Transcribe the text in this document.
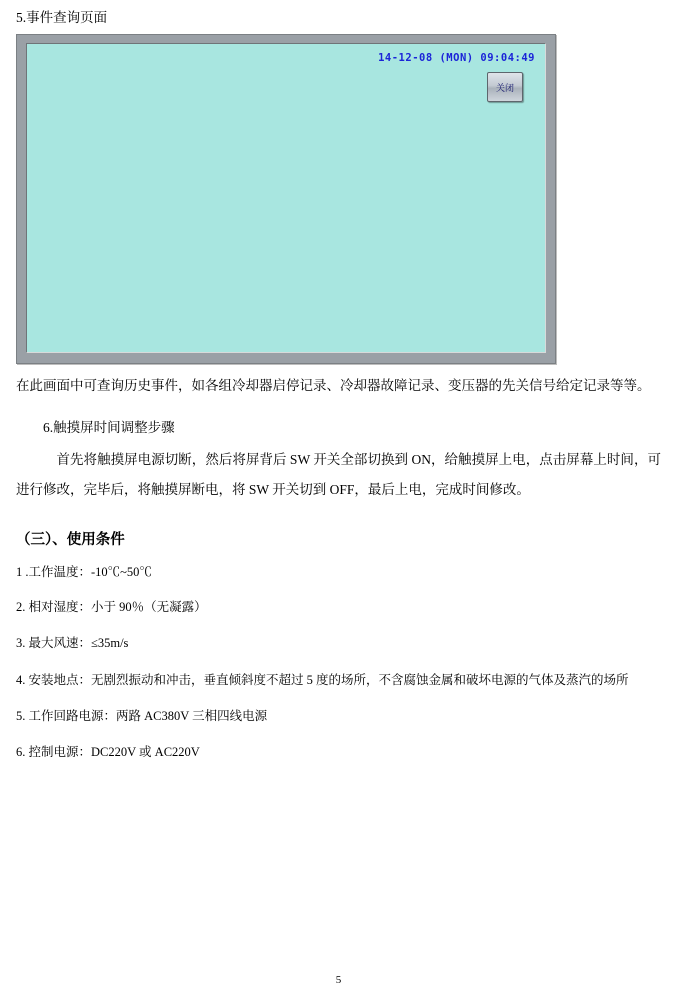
5.事件查询页面
14-12-08 (MON) 09:04:49
关闭
在此画面中可查询历史事件，如各组冷却器启停记录、冷却器故障记录、变压器的先关信号给定记录等等。
6.触摸屏时间调整步骤
首先将触摸屏电源切断，然后将屏背后 SW 开关全部切换到 ON，给触摸屏上电，点击屏幕上时间，可进行修改，完毕后，将触摸屏断电，将 SW 开关切到 OFF，最后上电，完成时间修改。
（三）、使用条件
1 .工作温度：-10℃~50℃
2. 相对湿度：小于 90％（无凝露）
3. 最大风速：≤35m/s
4. 安装地点：无剧烈振动和冲击，垂直倾斜度不超过 5 度的场所，不含腐蚀金属和破坏电源的气体及蒸汽的场所
5. 工作回路电源：两路 AC380V 三相四线电源
6. 控制电源：DC220V 或 AC220V
5
